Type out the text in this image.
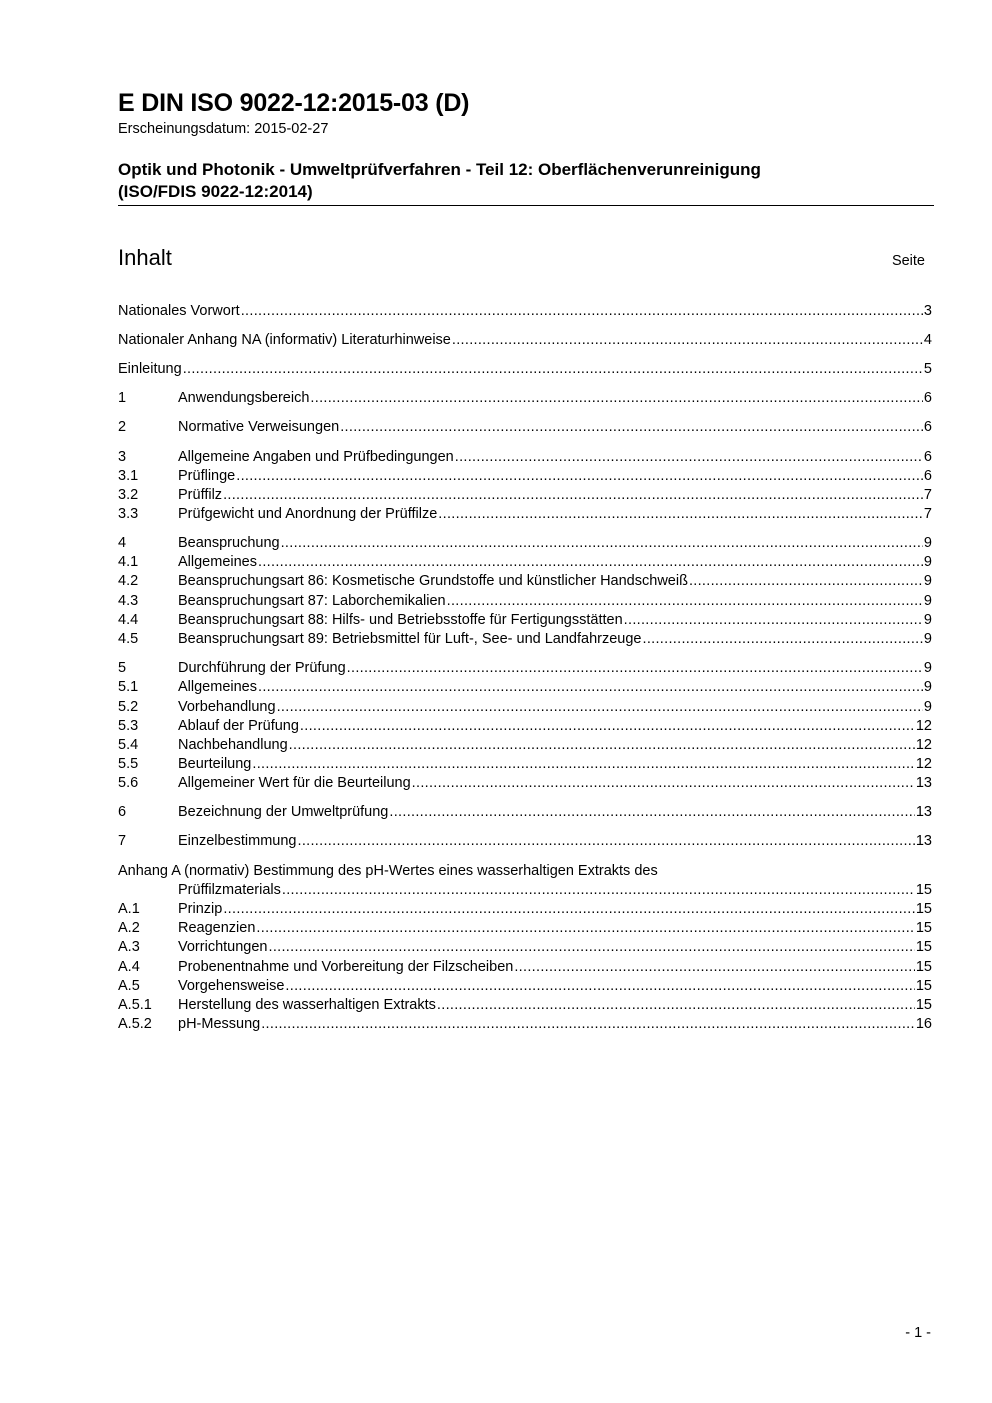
E DIN ISO 9022-12:2015-03 (D)
Erscheinungsdatum: 2015-02-27
Optik und Photonik - Umweltprüfverfahren - Teil 12: Oberflächenverunreinigung
(ISO/FDIS 9022-12:2014)
Inhalt	Seite
Nationales Vorwort .....	3
Nationaler Anhang NA (informativ) Literaturhinweise .....	4
Einleitung .....	5
1	Anwendungsbereich .....	6
2	Normative Verweisungen .....	6
3	Allgemeine Angaben und Prüfbedingungen .....	6
3.1	Prüflinge .....	6
3.2	Prüffilz .....	7
3.3	Prüfgewicht und Anordnung der Prüffilze .....	7
4	Beanspruchung .....	9
4.1	Allgemeines .....	9
4.2	Beanspruchungsart 86: Kosmetische Grundstoffe und künstlicher Handschweiß .....	9
4.3	Beanspruchungsart 87: Laborchemikalien .....	9
4.4	Beanspruchungsart 88: Hilfs- und Betriebsstoffe für Fertigungsstätten .....	9
4.5	Beanspruchungsart 89: Betriebsmittel für Luft-, See- und Landfahrzeuge .....	9
5	Durchführung der Prüfung .....	9
5.1	Allgemeines .....	9
5.2	Vorbehandlung .....	9
5.3	Ablauf der Prüfung .....	12
5.4	Nachbehandlung .....	12
5.5	Beurteilung .....	12
5.6	Allgemeiner Wert für die Beurteilung .....	13
6	Bezeichnung der Umweltprüfung .....	13
7	Einzelbestimmung .....	13
Anhang A (normativ) Bestimmung des pH-Wertes eines wasserhaltigen Extrakts des
Prüffilzmaterials .....	15
A.1	Prinzip .....	15
A.2	Reagenzien .....	15
A.3	Vorrichtungen .....	15
A.4	Probenentnahme und Vorbereitung der Filzscheiben .....	15
A.5	Vorgehensweise .....	15
A.5.1 Herstellung des wasserhaltigen Extrakts .....	15
A.5.2 pH-Messung .....	16
- 1 -
